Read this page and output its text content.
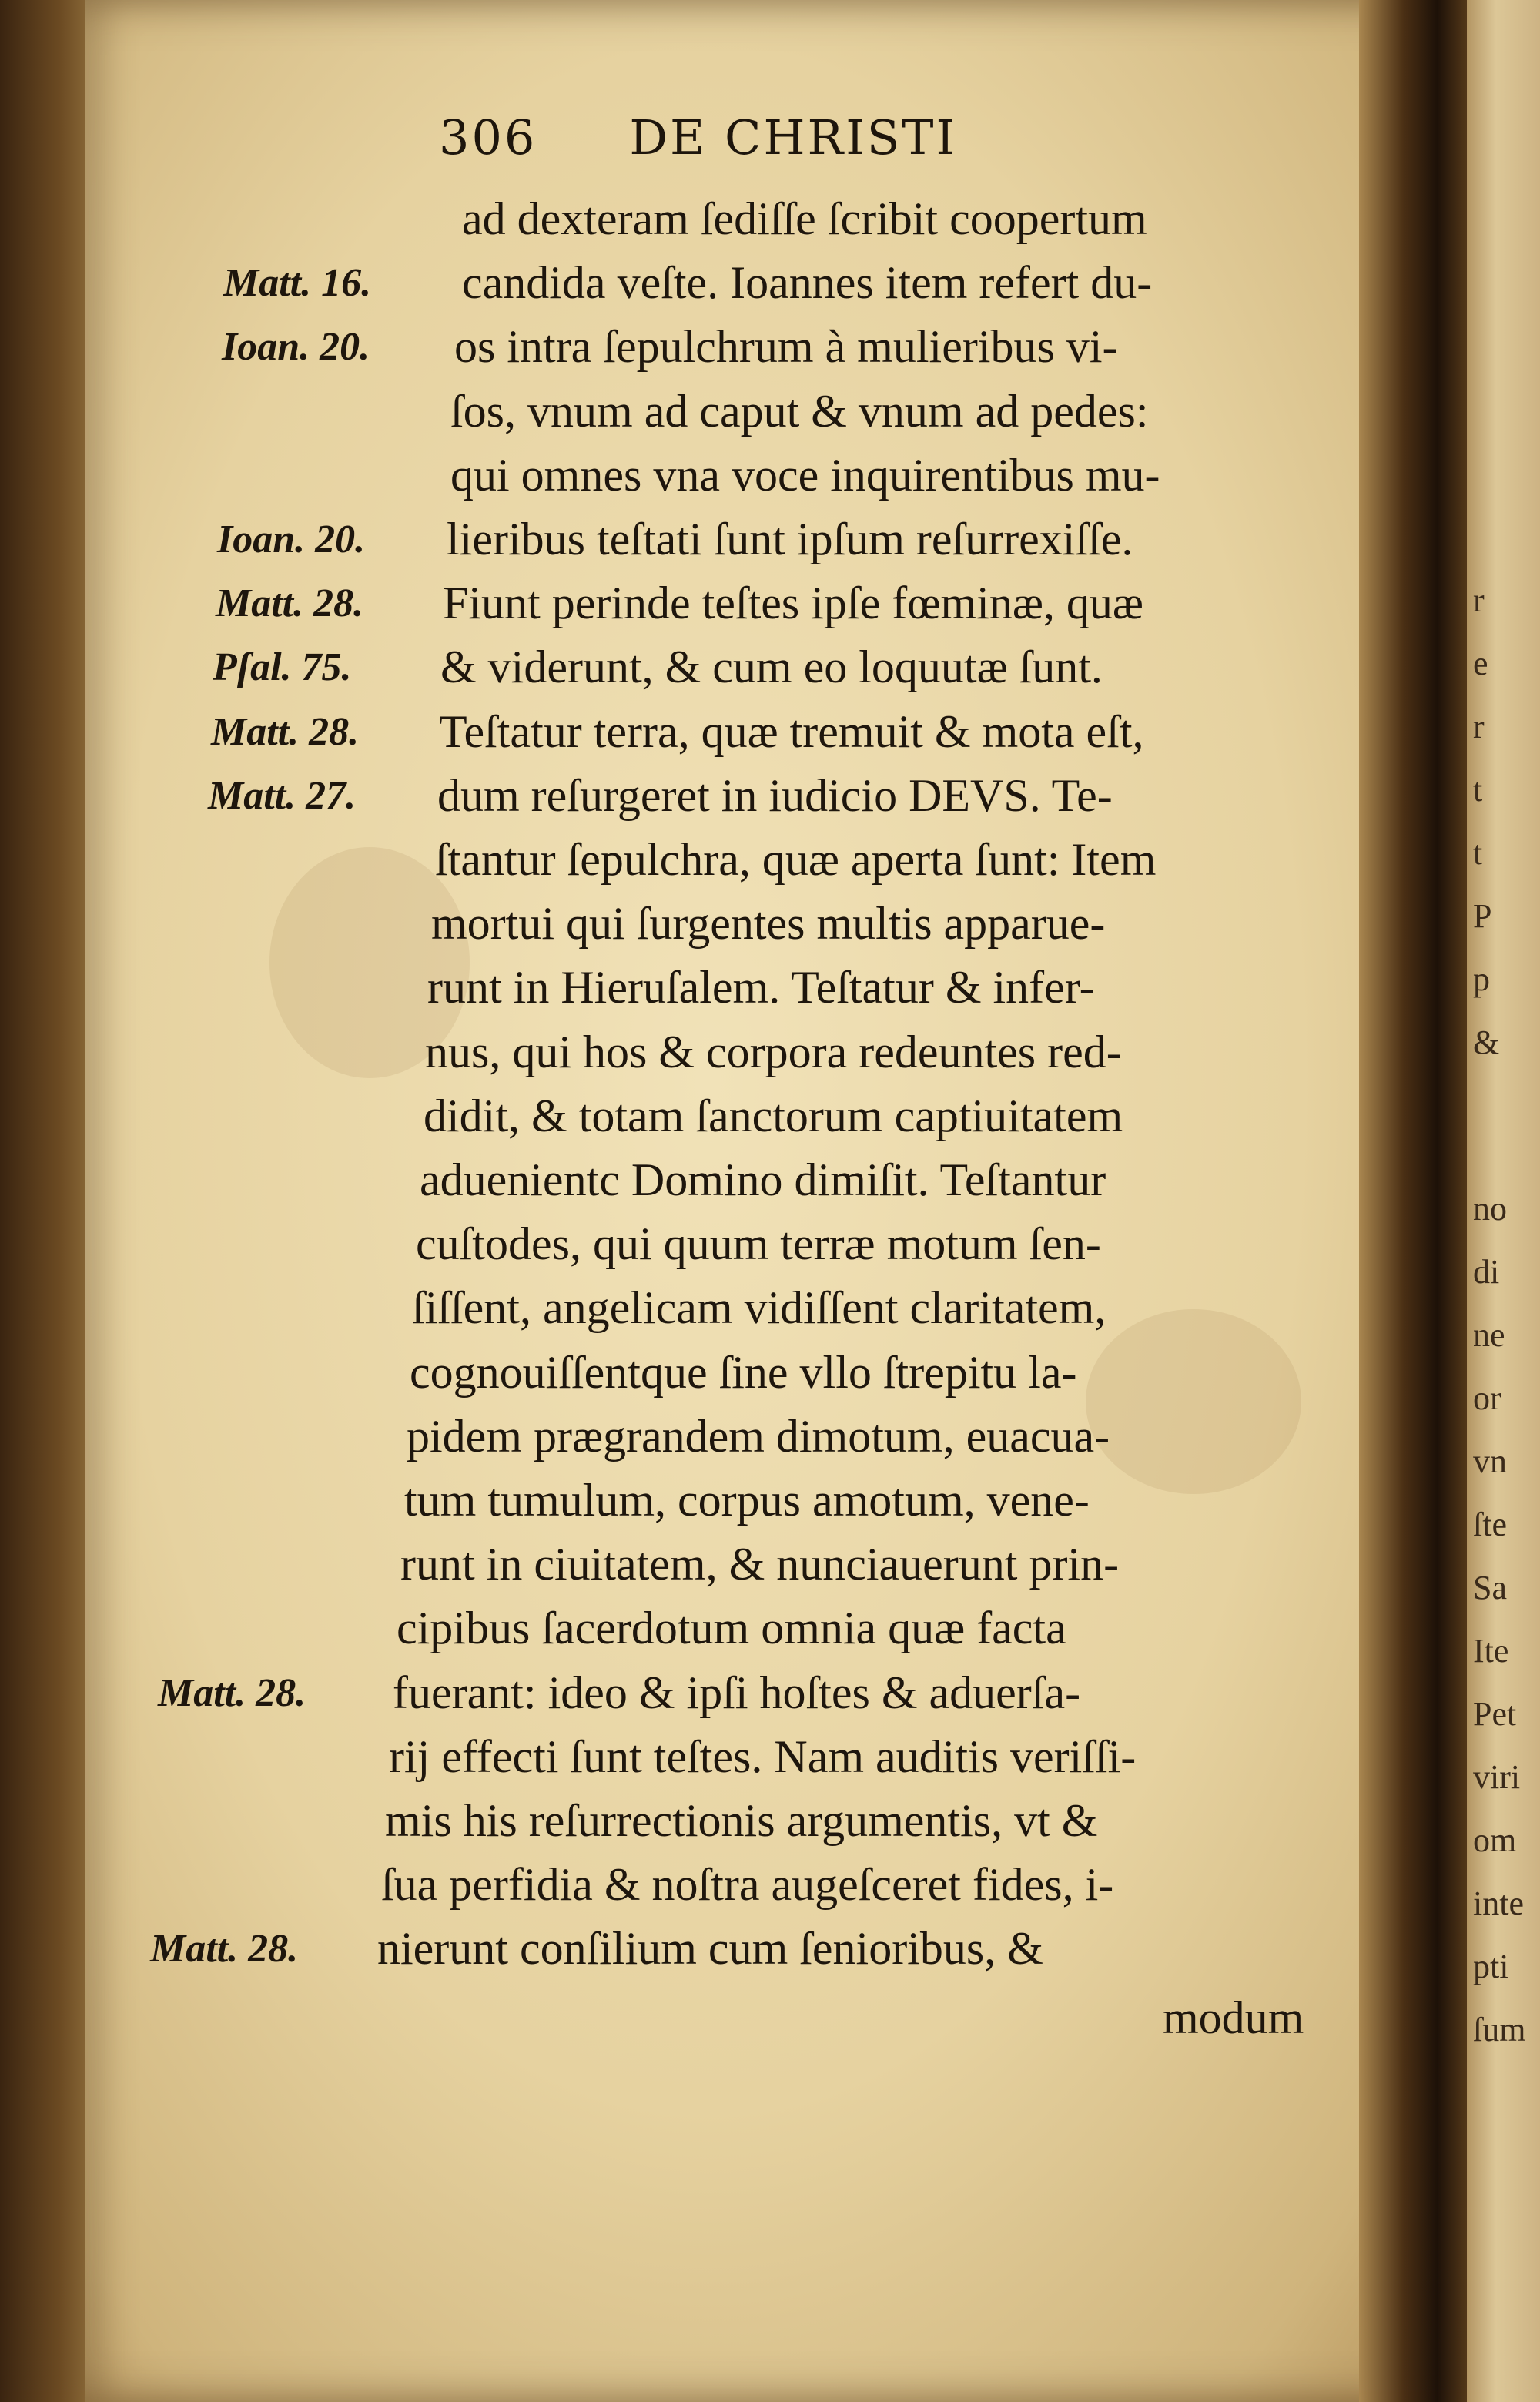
r
e
r
t
t
P
p
&
no
di
ne
or
vn
ſte
Sa
Ite
Pet
viri
om
inte
pti
ſum
306 DE CHRISTI
ad dexteram ſediſſe ſcribit coopertum
candida veſte. Ioannes item refert du-
os intra ſepulchrum à mulieribus vi-
ſos, vnum ad caput & vnum ad pedes:
qui omnes vna voce inquirentibus mu-
lieribus teſtati ſunt ipſum reſurrexiſſe.
Fiunt perinde teſtes ipſe fœminæ, quæ
& viderunt, & cum eo loquutæ ſunt.
Teſtatur terra, quæ tremuit & mota eſt,
dum reſurgeret in iudicio DEVS. Te-
ſtantur ſepulchra, quæ aperta ſunt: Item
mortui qui ſurgentes multis apparue-
runt in Hieruſalem. Teſtatur & infer-
nus, qui hos & corpora redeuntes red-
didit, & totam ſanctorum captiuitatem
aduenientc Domino dimiſit. Teſtantur
cuſtodes, qui quum terræ motum ſen-
ſiſſent, angelicam vidiſſent claritatem,
cognouiſſentque ſine vllo ſtrepitu la-
pidem prægrandem dimotum, euacua-
tum tumulum, corpus amotum, vene-
runt in ciuitatem, & nunciauerunt prin-
cipibus ſacerdotum omnia quæ facta
fuerant: ideo & ipſi hoſtes & aduerſa-
rij effecti ſunt teſtes. Nam auditis veriſſi-
mis his reſurrectionis argumentis, vt &
ſua perfidia & noſtra augeſceret fides, i-
nierunt conſilium cum ſenioribus, &
modum
Matt. 16.
Ioan. 20.
Ioan. 20.
Matt. 28.
Pſal. 75.
Matt. 28.
Matt. 27.
Matt. 28.
Matt. 28.
